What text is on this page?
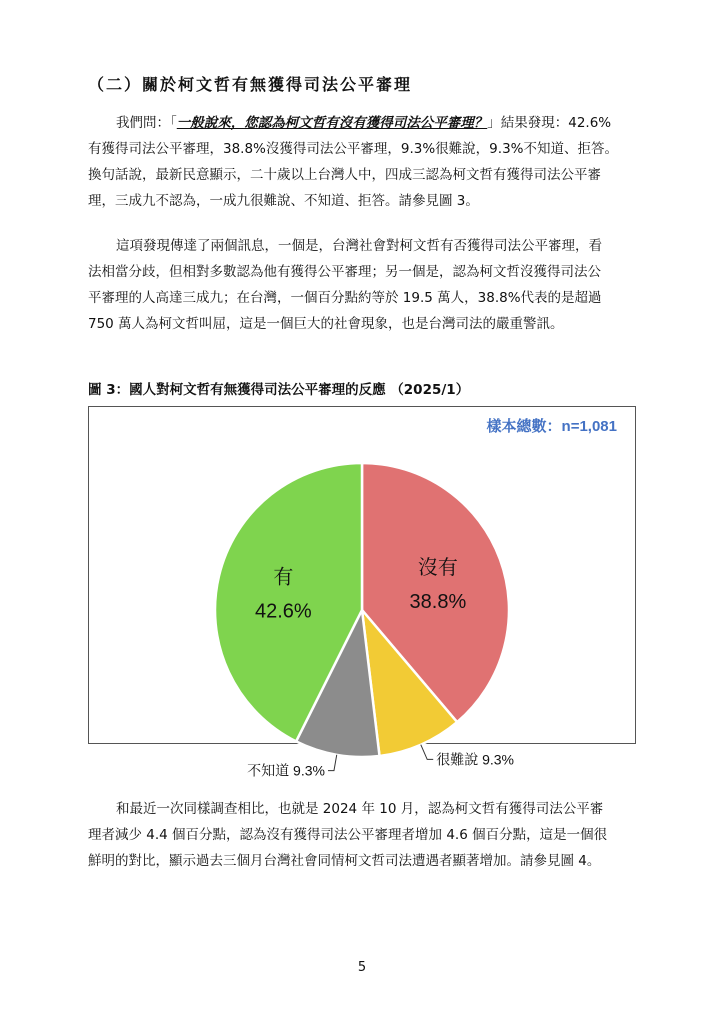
（二）關於柯文哲有無獲得司法公平審理
我們問：「一般說來，您認為柯文哲有沒有獲得司法公平審理？」結果發現：42.6%
有獲得司法公平審理，38.8%沒獲得司法公平審理，9.3%很難說，9.3%不知道、拒答。
換句話說，最新民意顯示，二十歲以上台灣人中，四成三認為柯文哲有獲得司法公平審
理，三成九不認為，一成九很難說、不知道、拒答。請參見圖 3。
這項發現傳達了兩個訊息，一個是，台灣社會對柯文哲有否獲得司法公平審理，看
法相當分歧，但相對多數認為他有獲得公平審理；另一個是，認為柯文哲沒獲得司法公
平審理的人高達三成九；在台灣，一個百分點約等於 19.5 萬人，38.8%代表的是超過
750 萬人為柯文哲叫屈，這是一個巨大的社會現象，也是台灣司法的嚴重警訊。
圖 3：國人對柯文哲有無獲得司法公平審理的反應 （2025/1）
樣本總數：n=1,081
沒有
38.8%
很難說 9.3%
不知道 9.3%
有
42.6%
和最近一次同樣調查相比，也就是 2024 年 10 月，認為柯文哲有獲得司法公平審
理者減少 4.4 個百分點，認為沒有獲得司法公平審理者增加 4.6 個百分點，這是一個很
鮮明的對比，顯示過去三個月台灣社會同情柯文哲司法遭遇者顯著增加。請參見圖 4。
5
